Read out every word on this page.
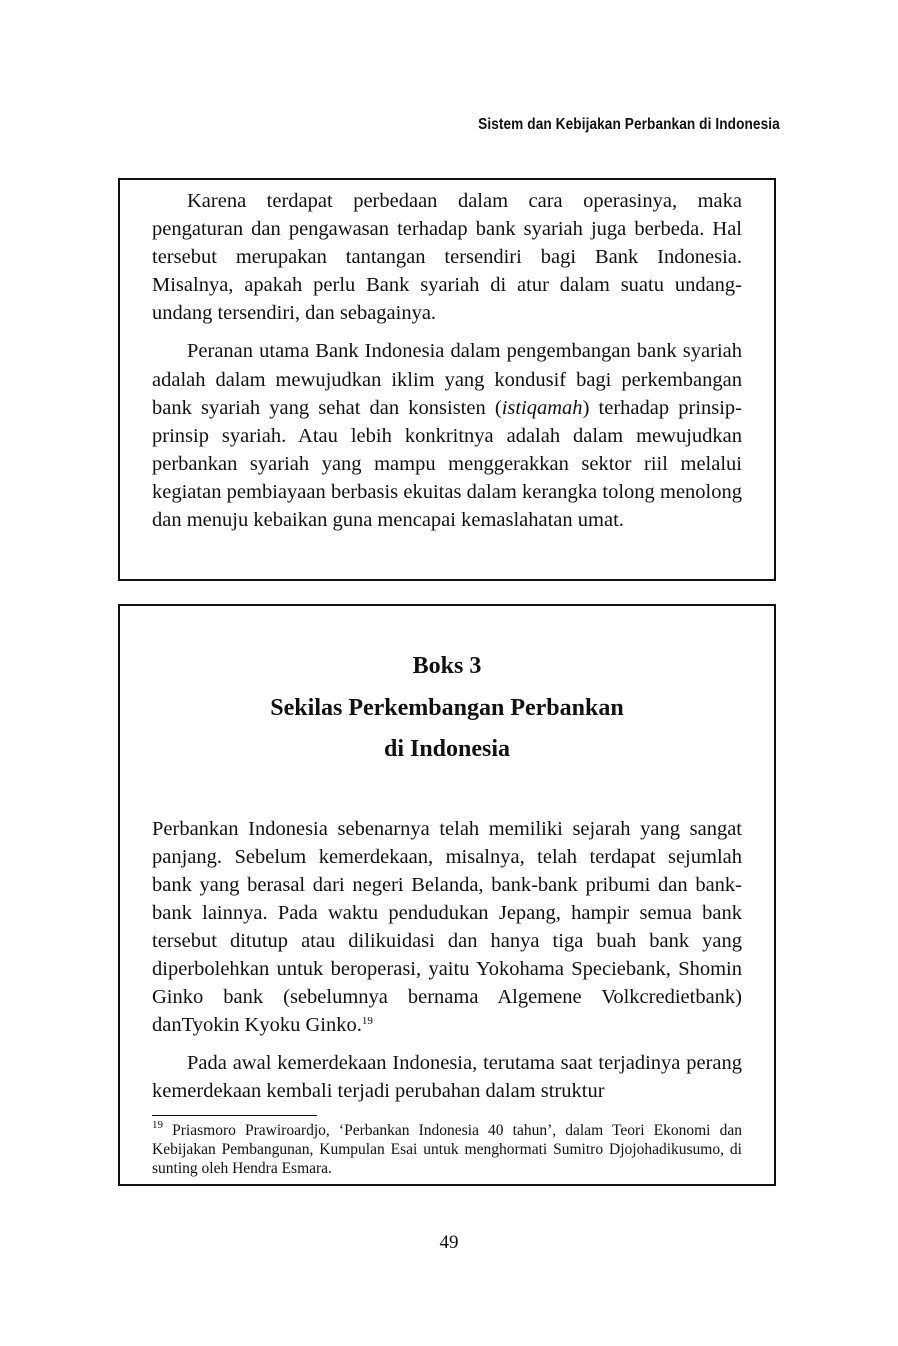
Sistem dan Kebijakan Perbankan di Indonesia

Karena terdapat perbedaan dalam cara operasinya, maka pengaturan dan pengawasan terhadap bank syariah juga berbeda. Hal tersebut merupakan tantangan tersendiri bagi Bank Indonesia. Misalnya, apakah perlu Bank syariah di atur dalam suatu undang-undang tersendiri, dan sebagainya.

Peranan utama Bank Indonesia dalam pengembangan bank syariah adalah dalam mewujudkan iklim yang kondusif bagi perkembangan bank syariah yang sehat dan konsisten (istiqamah) terhadap prinsip-prinsip syariah. Atau lebih konkritnya adalah dalam mewujudkan perbankan syariah yang mampu menggerakkan sektor riil melalui kegiatan pembiayaan berbasis ekuitas dalam kerangka tolong menolong dan menuju kebaikan guna mencapai kemaslahatan umat.

Boks 3
Sekilas Perkembangan Perbankan
di Indonesia

Perbankan Indonesia sebenarnya telah memiliki sejarah yang sangat panjang. Sebelum kemerdekaan, misalnya, telah terdapat sejumlah bank yang berasal dari negeri Belanda, bank-bank pribumi dan bank-bank lainnya. Pada waktu pendudukan Jepang, hampir semua bank tersebut ditutup atau dilikuidasi dan hanya tiga buah bank yang diperbolehkan untuk beroperasi, yaitu Yokohama Speciebank, Shomin Ginko bank (sebelumnya bernama Algemene Volkcredietbank) danTyokin Kyoku Ginko.$^{19}$

Pada awal kemerdekaan Indonesia, terutama saat terjadinya perang kemerdekaan kembali terjadi perubahan dalam struktur

$^{19}$ Priasmoro Prawiroardjo, ‘Perbankan Indonesia 40 tahun’, dalam Teori Ekonomi dan Kebijakan Pembangunan, Kumpulan Esai untuk menghormati Sumitro Djojohadikusumo, di sunting oleh Hendra Esmara.

49
